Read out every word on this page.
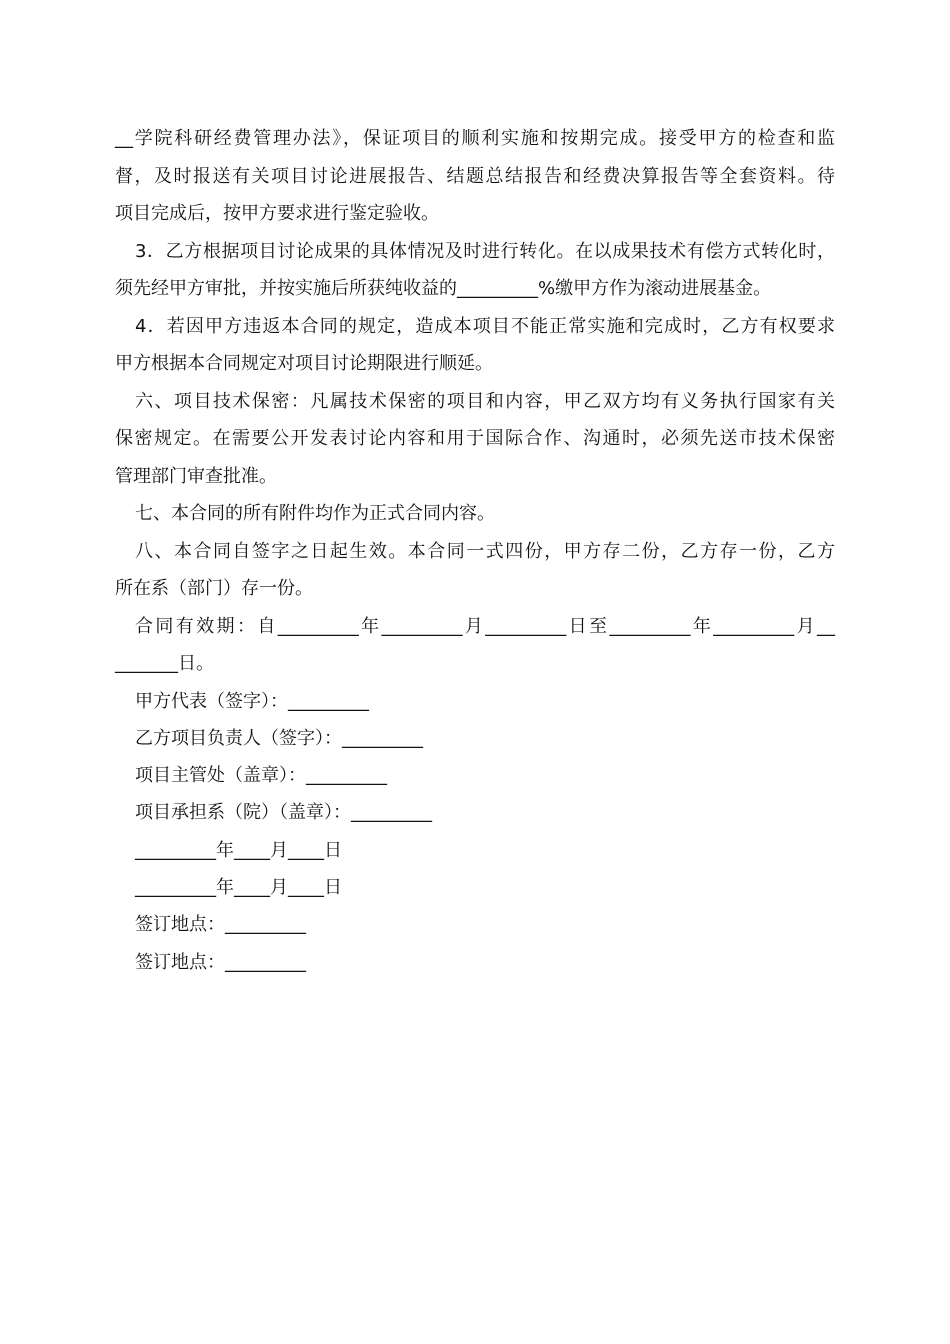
__学院科研经费管理办法》，保证项目的顺利实施和按期完成。接受甲方的检查和监
督，及时报送有关项目讨论进展报告、结题总结报告和经费决算报告等全套资料。待
项目完成后，按甲方要求进行鉴定验收。

3．乙方根据项目讨论成果的具体情况及时进行转化。在以成果技术有偿方式转化时，
须先经甲方审批，并按实施后所获纯收益的_________%缴甲方作为滚动进展基金。

4．若因甲方违返本合同的规定，造成本项目不能正常实施和完成时，乙方有权要求
甲方根据本合同规定对项目讨论期限进行顺延。

六、项目技术保密：凡属技术保密的项目和内容，甲乙双方均有义务执行国家有关
保密规定。在需要公开发表讨论内容和用于国际合作、沟通时，必须先送市技术保密
管理部门审查批准。

七、本合同的所有附件均作为正式合同内容。

八、本合同自签字之日起生效。本合同一式四份，甲方存二份，乙方存一份，乙方
所在系（部门）存一份。

合同有效期：自_________年_________月_________日至_________年_________月__
_______日。

甲方代表（签字）：_________

乙方项目负责人（签字）：_________

项目主管处（盖章）：_________

项目承担系（院）（盖章）：_________

_________年____月____日

_________年____月____日

签订地点：_________

签订地点：_________
